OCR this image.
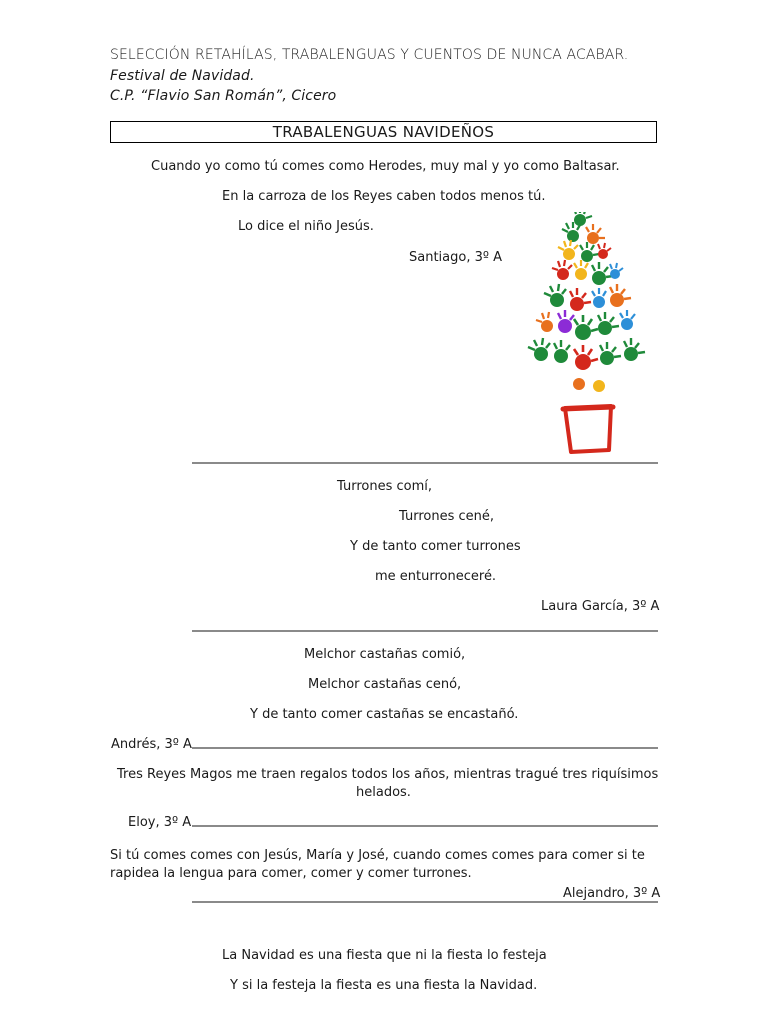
SELECCIÓN RETAHÍLAS, TRABALENGUAS Y CUENTOS DE NUNCA ACABAR.
Festival de Navidad.
C.P. “Flavio San Román”, Cicero
TRABALENGUAS NAVIDEÑOS
Cuando yo como tú comes como Herodes, muy mal y yo como Baltasar.
En la carroza de los Reyes caben todos menos tú.
Lo dice el niño Jesús.
Santiago, 3º A
Turrones comí,
Turrones cené,
Y de tanto comer turrones
me enturroneceré.
Laura García, 3º A
Melchor castañas comió,
Melchor castañas cenó,
Y de tanto comer castañas se encastañó.
Andrés, 3º A
Tres Reyes Magos me traen regalos todos los años, mientras tragué tres riquísimos
helados.
Eloy, 3º A
Si tú comes comes con Jesús, María y José, cuando comes comes para comer si te
rapidea la lengua para comer, comer y comer turrones.
Alejandro, 3º A
La Navidad es una fiesta que ni la fiesta lo festeja
Y si la festeja la fiesta es una fiesta la Navidad.
